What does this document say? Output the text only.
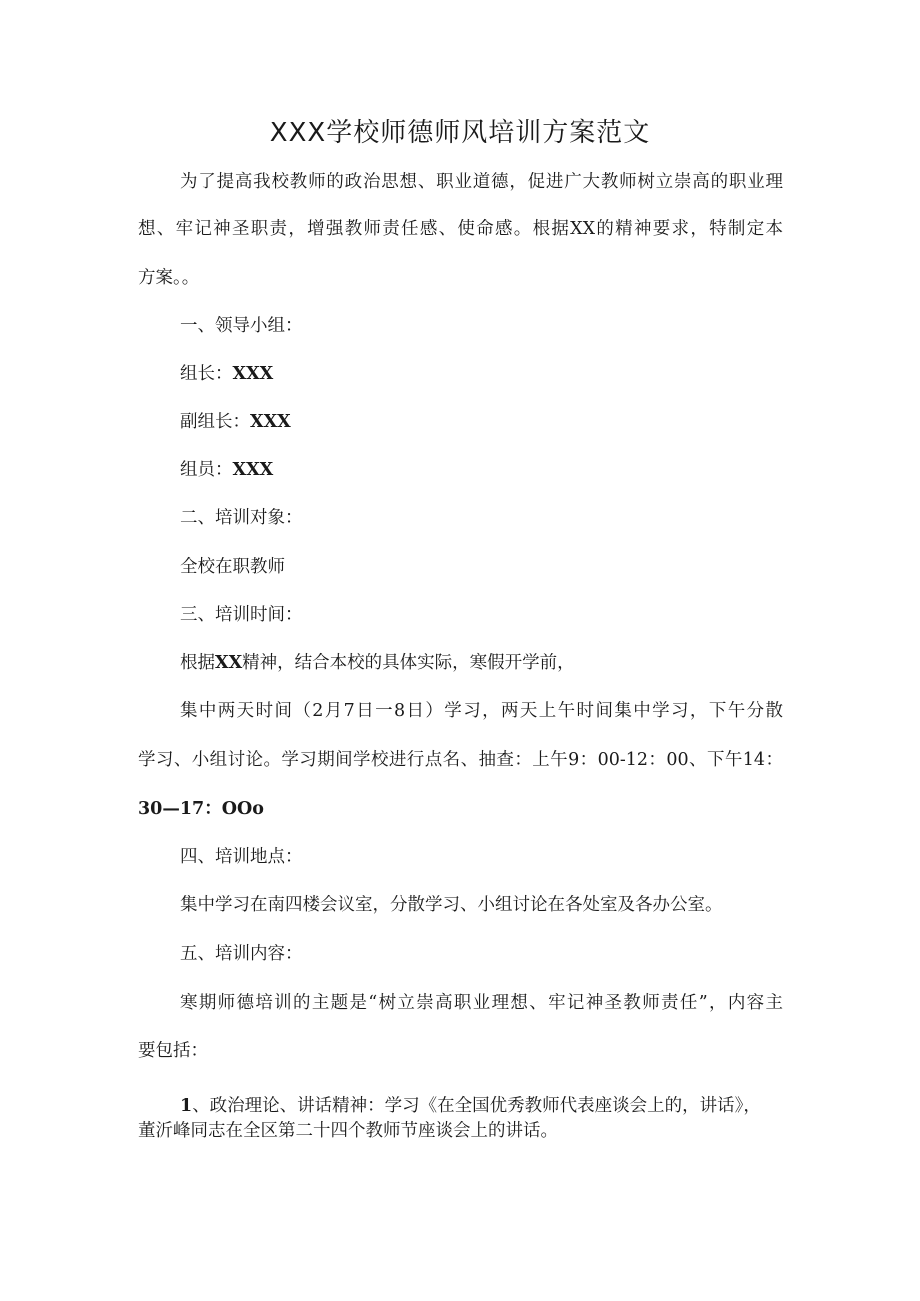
XXX学校师德师风培训方案范文
为了提高我校教师的政治思想、职业道德，促进广大教师树立崇高的职业理
想、牢记神圣职责，增强教师责任感、使命感。根据XX的精神要求，特制定本
方案。。
一、领导小组：
组长：XXX
副组长：XXX
组员：XXX
二、培训对象：
全校在职教师
三、培训时间：
根据XX精神，结合本校的具体实际，寒假开学前，
集中两天时间（2月7日一8日）学习，两天上午时间集中学习，下午分散
学习、小组讨论。学习期间学校进行点名、抽查：上午9：00-12：00、下午14：
30—17：OOo
四、培训地点：
集中学习在南四楼会议室，分散学习、小组讨论在各处室及各办公室。
五、培训内容：
寒期师德培训的主题是“树立崇高职业理想、牢记神圣教师责任”，内容主
要包括：
1、政治理论、讲话精神：学习《在全国优秀教师代表座谈会上的，讲话》，
董沂峰同志在全区第二十四个教师节座谈会上的讲话。
